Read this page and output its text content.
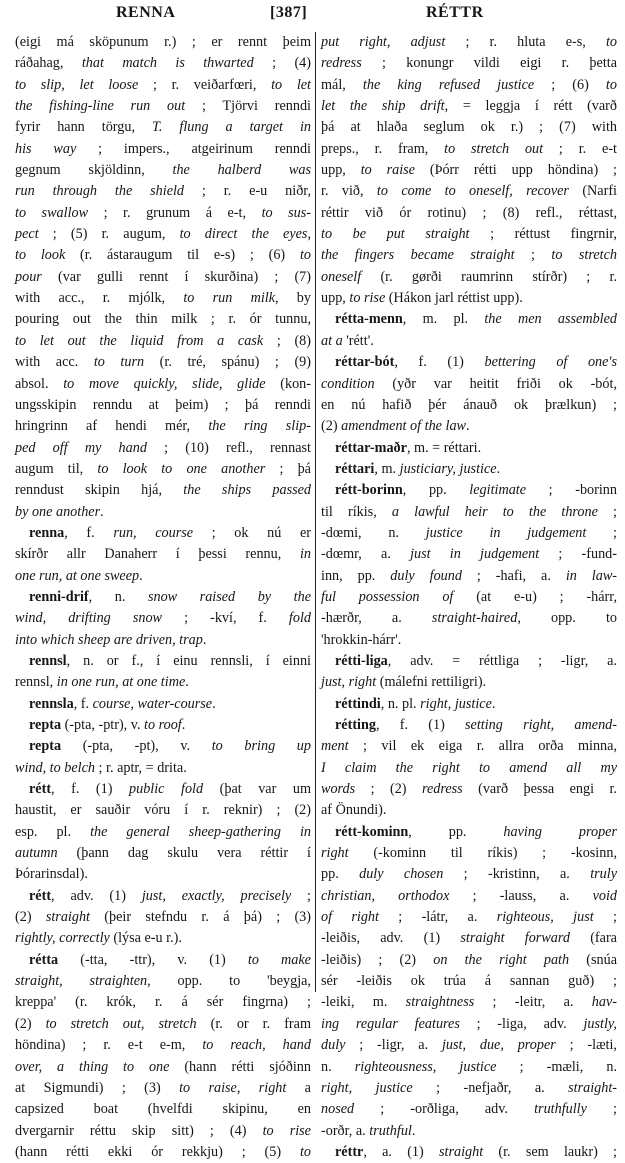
RENNA	[387]	RÉTTR
(eigi má sköpunum r.) ; er rennt þeim
ráðahag, that match is thwarted ; (4)
to slip, let loose ; r. veiðarfœri, to let
the fishing-line run out ; Tjörvi renndi
fyrir hann törgu, T. flung a target in
his way ; impers., atgeirinum renndi
gegnum skjöldinn, the halberd was
run through the shield ; r. e-u niðr,
to swallow ; r. grunum á e-t, to sus-
pect ; (5) r. augum, to direct the eyes,
to look (r. ástaraugum til e-s) ; (6) to
pour (var gulli rennt í skurðina) ; (7)
with acc., r. mjólk, to run milk, by
pouring out the thin milk ; r. ór tunnu,
to let out the liquid from a cask ; (8)
with acc. to turn (r. tré, spánu) ; (9)
absol. to move quickly, slide, glide (kon-
ungsskipin renndu at þeim) ; þá renndi
hringrinn af hendi mér, the ring slip-
ped off my hand ; (10) refl., rennast
augum til, to look to one another ; þá
renndust skipin hjá, the ships passed
by one another.
renna, f. run, course ; ok nú er
skírðr allr Danaherr í þessi rennu, in
one run, at one sweep.
renni-drif, n. snow raised by the
wind, drifting snow ; -kví, f. fold
into which sheep are driven, trap.
rennsl, n. or f., í einu rennsli, í einni
rennsl, in one run, at one time.
rennsla, f. course, water-course.
repta (-pta, -ptr), v. to roof.
repta (-pta, -pt), v. to bring up
wind, to belch ; r. aptr, = drita.
rétt, f. (1) public fold (þat var um
haustit, er sauðir vóru í r. reknir) ; (2)
esp. pl. the general sheep-gathering in
autumn (þann dag skulu vera réttir í
Þórarinsdal).
rétt, adv. (1) just, exactly, precisely ;
(2) straight (þeir stefndu r. á þá) ; (3)
rightly, correctly (lýsa e-u r.).
rétta (-tta, -ttr), v. (1) to make
straight, straighten, opp. to 'beygja,
kreppa' (r. krók, r. á sér fingrna) ;
(2) to stretch out, stretch (r. or r. fram
höndina) ; r. e-t e-m, to reach, hand
over, a thing to one (hann rétti sjóðinn
at Sigmundi) ; (3) to raise, right a
capsized boat (hvelfdi skipinu, en
dvergarnir réttu skip sitt) ; (4) to rise
(hann rétti ekki ór rekkju) ; (5) to
put right, adjust ; r. hluta e-s, to
redress ; konungr vildi eigi r. þetta
mál, the king refused justice ; (6) to
let the ship drift, = leggja í rétt (varð
þá at hlaða seglum ok r.) ; (7) with
preps., r. fram, to stretch out ; r. e-t
upp, to raise (Þórr rétti upp höndina) ;
r. við, to come to oneself, recover (Narfi
réttir við ór rotinu) ; (8) refl., réttast,
to be put straight ; réttust fingrnir,
the fingers became straight ; to stretch
oneself (r. gørði raumrinn stírðr) ; r.
upp, to rise (Hákon jarl réttist upp).
rétta-menn, m. pl. the men assembled
at a 'rétt'.
réttar-bót, f. (1) bettering of one's
condition (yðr var heitit friði ok -bót,
en nú hafið þér ánauð ok þrælkun) ;
(2) amendment of the law.
réttar-maðr, m. = réttari.
réttari, m. justiciary, justice.
rétt-borinn, pp. legitimate ; -borinn
til ríkis, a lawful heir to the throne ;
-dœmi, n. justice in judgement ;
-dœmr, a. just in judgement ; -fund-
inn, pp. duly found ; -hafi, a. in law-
ful possession of (at e-u) ; -hárr,
-hærðr, a. straight-haired, opp. to
'hrokkin-hárr'.
rétti-liga, adv. = réttliga ; -ligr, a.
just, right (málefni rettiligri).
réttindi, n. pl. right, justice.
rétting, f. (1) setting right, amend-
ment ; vil ek eiga r. allra orða minna,
I claim the right to amend all my
words ; (2) redress (varð þessa engi r.
af Önundi).
rétt-kominn, pp. having proper
right (-kominn til ríkis) ; -kosinn,
pp. duly chosen ; -kristinn, a. truly
christian, orthodox ; -lauss, a. void
of right ; -látr, a. righteous, just ;
-leiðis, adv. (1) straight forward (fara
-leiðis) ; (2) on the right path (snúa
sér -leiðis ok trúa á sannan guð) ;
-leiki, m. straightness ; -leitr, a. hav-
ing regular features ; -liga, adv. justly,
duly ; -ligr, a. just, due, proper ; -læti,
n. righteousness, justice ; -mæli, n.
right, justice ; -nefjaðr, a. straight-
nosed ; -orðliga, adv. truthfully ;
-orðr, a. truthful.
réttr, a. (1) straight (r. sem laukr) ;
